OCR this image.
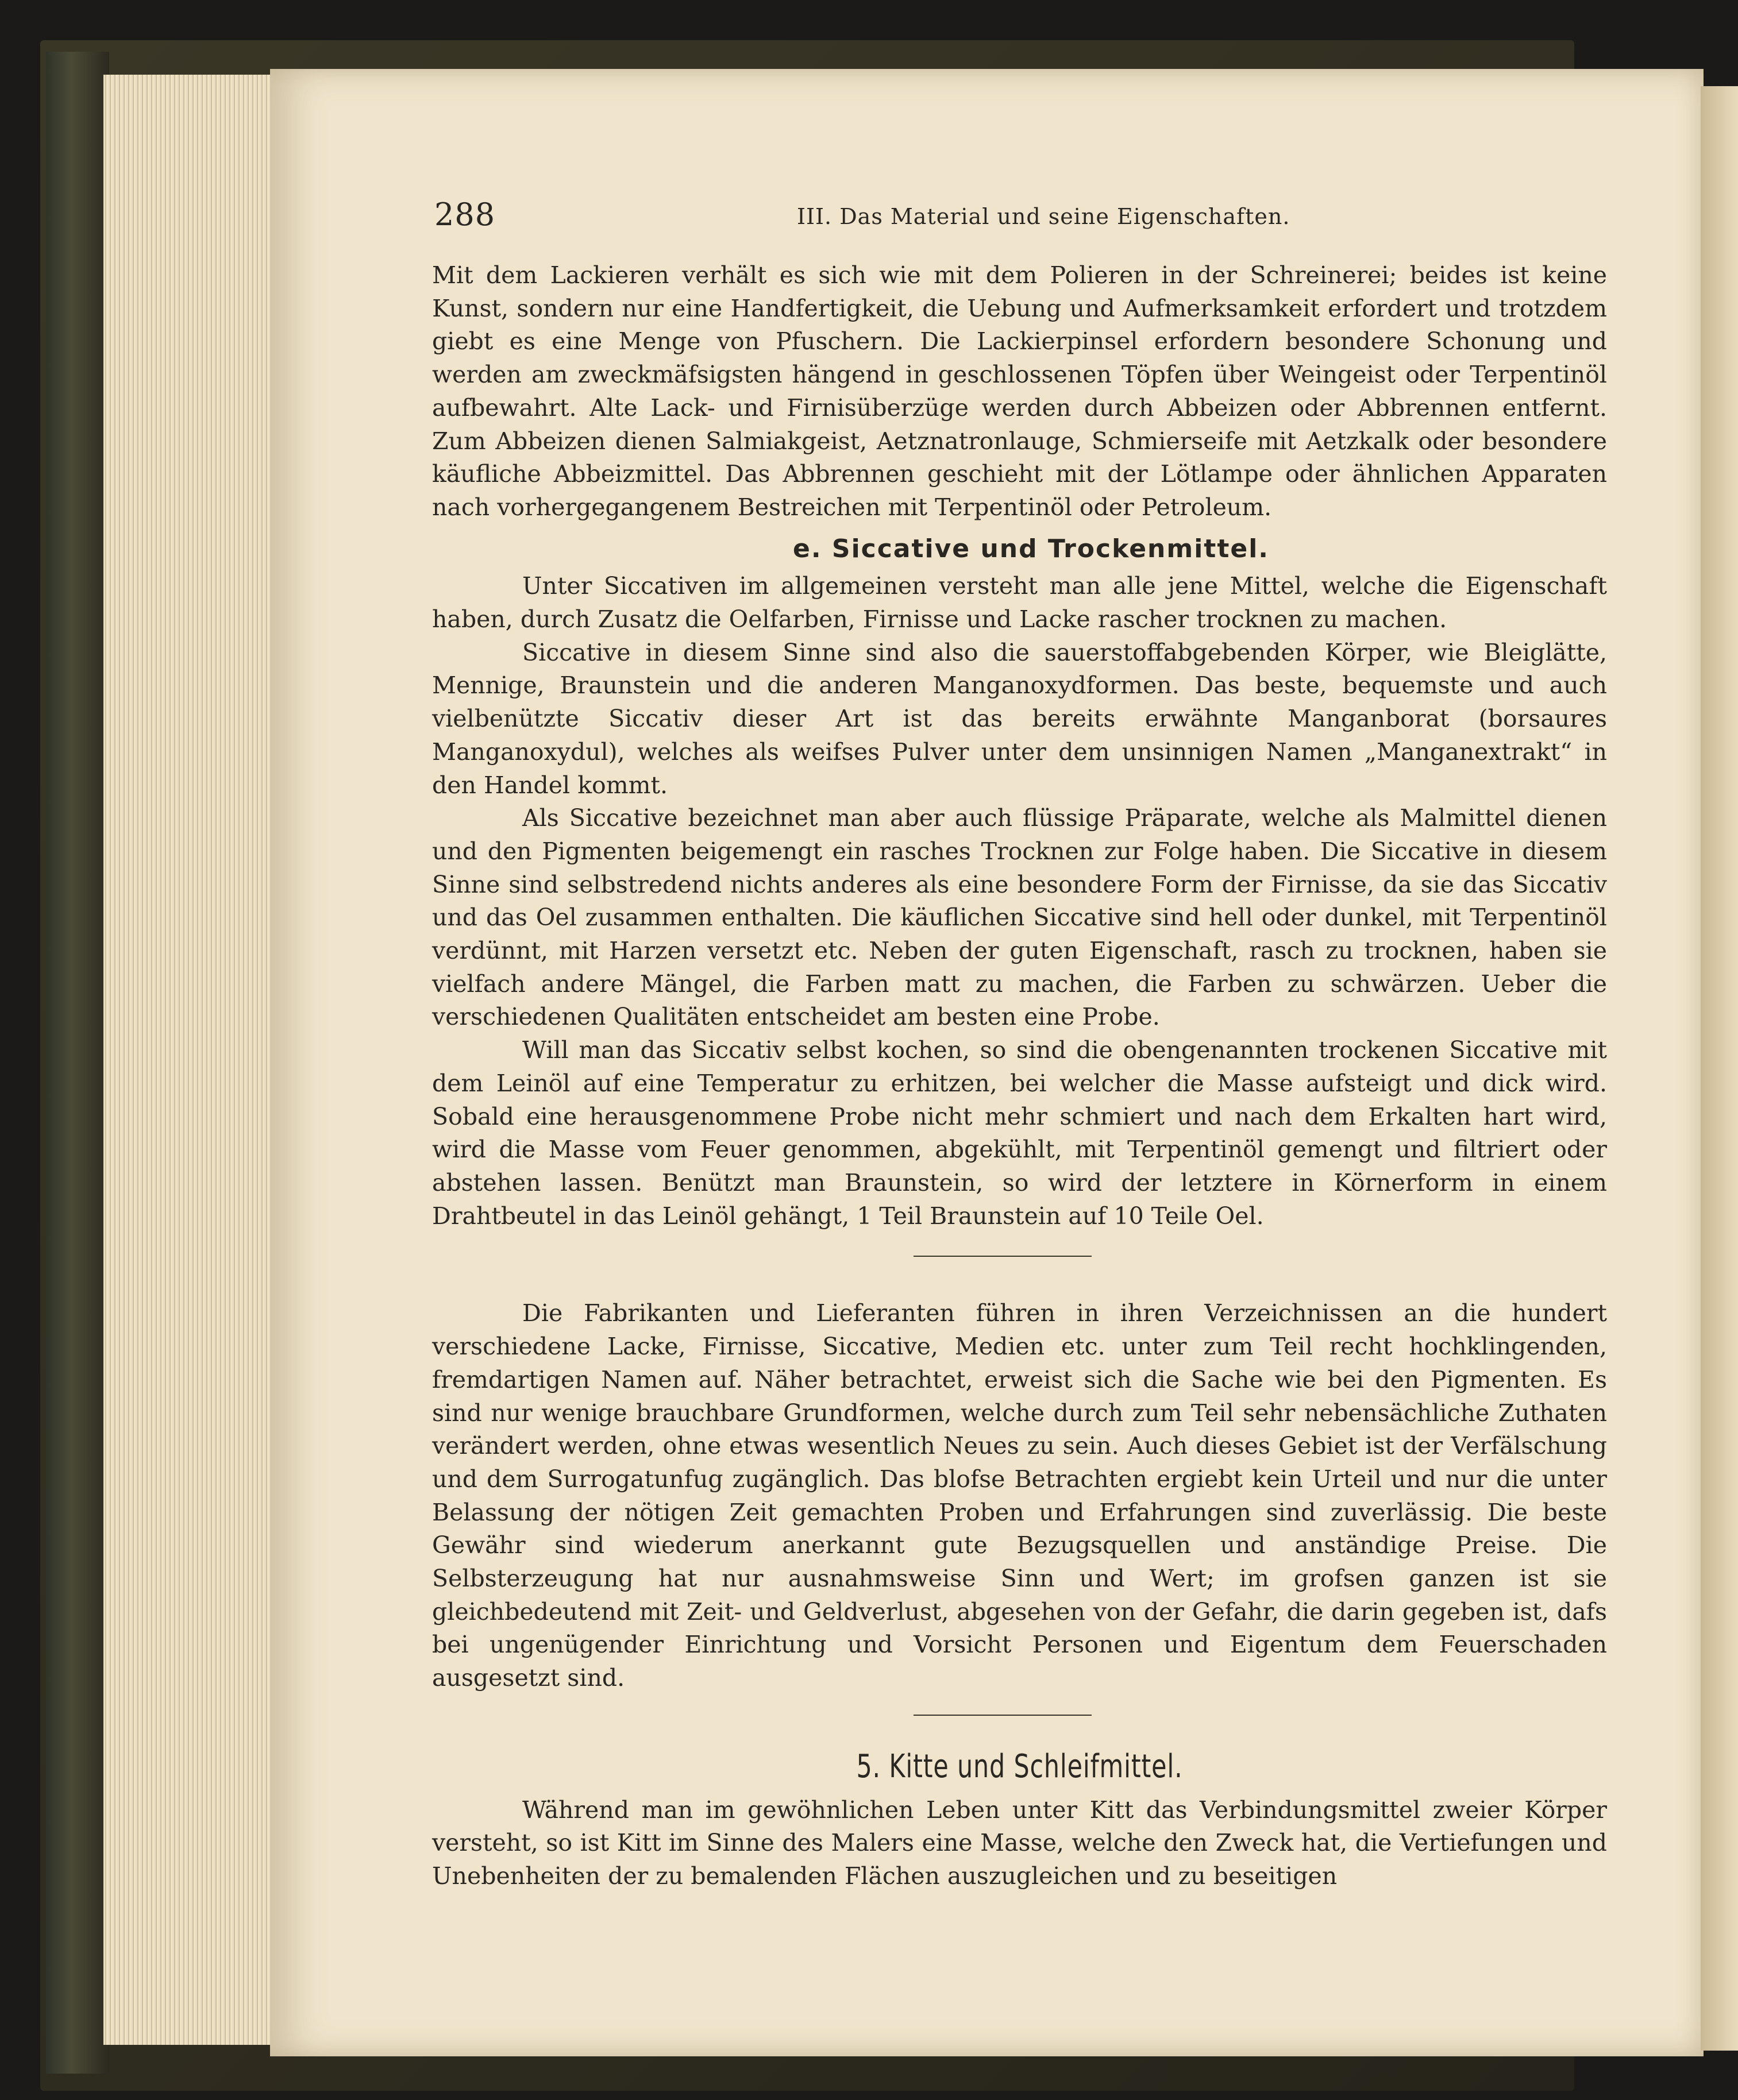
288	III. Das Material und seine Eigenschaften.

Mit dem Lackieren verhält es sich wie mit dem Polieren in der Schreinerei; beides ist keine Kunst, sondern nur eine Handfertigkeit, die Uebung und Aufmerksamkeit erfordert und trotzdem giebt es eine Menge von Pfuschern. Die Lackierpinsel erfordern besondere Schonung und werden am zweckmäfsigsten hängend in geschlossenen Töpfen über Weingeist oder Terpentinöl aufbewahrt. Alte Lack- und Firnisüberzüge werden durch Abbeizen oder Abbrennen entfernt. Zum Abbeizen dienen Salmiakgeist, Aetznatronlauge, Schmierseife mit Aetzkalk oder besondere käufliche Abbeizmittel. Das Abbrennen geschieht mit der Lötlampe oder ähnlichen Apparaten nach vorhergegangenem Bestreichen mit Terpentinöl oder Petroleum.

e. Siccative und Trockenmittel.

Unter Siccativen im allgemeinen versteht man alle jene Mittel, welche die Eigenschaft haben, durch Zusatz die Oelfarben, Firnisse und Lacke rascher trocknen zu machen.

Siccative in diesem Sinne sind also die sauerstoffabgebenden Körper, wie Bleiglätte, Mennige, Braunstein und die anderen Manganoxydformen. Das beste, bequemste und auch vielbenützte Siccativ dieser Art ist das bereits erwähnte Manganborat (borsaures Manganoxydul), welches als weifses Pulver unter dem unsinnigen Namen „Manganextrakt“ in den Handel kommt.

Als Siccative bezeichnet man aber auch flüssige Präparate, welche als Malmittel dienen und den Pigmenten beigemengt ein rasches Trocknen zur Folge haben. Die Siccative in diesem Sinne sind selbstredend nichts anderes als eine besondere Form der Firnisse, da sie das Siccativ und das Oel zusammen enthalten. Die käuflichen Siccative sind hell oder dunkel, mit Terpentinöl verdünnt, mit Harzen versetzt etc. Neben der guten Eigenschaft, rasch zu trocknen, haben sie vielfach andere Mängel, die Farben matt zu machen, die Farben zu schwärzen. Ueber die verschiedenen Qualitäten entscheidet am besten eine Probe.

Will man das Siccativ selbst kochen, so sind die obengenannten trockenen Siccative mit dem Leinöl auf eine Temperatur zu erhitzen, bei welcher die Masse aufsteigt und dick wird. Sobald eine herausgenommene Probe nicht mehr schmiert und nach dem Erkalten hart wird, wird die Masse vom Feuer genommen, abgekühlt, mit Terpentinöl gemengt und filtriert oder abstehen lassen. Benützt man Braunstein, so wird der letztere in Körnerform in einem Drahtbeutel in das Leinöl gehängt, 1 Teil Braunstein auf 10 Teile Oel.

Die Fabrikanten und Lieferanten führen in ihren Verzeichnissen an die hundert verschiedene Lacke, Firnisse, Siccative, Medien etc. unter zum Teil recht hochklingenden, fremdartigen Namen auf. Näher betrachtet, erweist sich die Sache wie bei den Pigmenten. Es sind nur wenige brauchbare Grundformen, welche durch zum Teil sehr nebensächliche Zuthaten verändert werden, ohne etwas wesentlich Neues zu sein. Auch dieses Gebiet ist der Verfälschung und dem Surrogatunfug zugänglich. Das blofse Betrachten ergiebt kein Urteil und nur die unter Belassung der nötigen Zeit gemachten Proben und Erfahrungen sind zuverlässig. Die beste Gewähr sind wiederum anerkannt gute Bezugsquellen und anständige Preise. Die Selbsterzeugung hat nur ausnahmsweise Sinn und Wert; im grofsen ganzen ist sie gleichbedeutend mit Zeit- und Geldverlust, abgesehen von der Gefahr, die darin gegeben ist, dafs bei ungenügender Einrichtung und Vorsicht Personen und Eigentum dem Feuerschaden ausgesetzt sind.

5. Kitte und Schleifmittel.

Während man im gewöhnlichen Leben unter Kitt das Verbindungsmittel zweier Körper versteht, so ist Kitt im Sinne des Malers eine Masse, welche den Zweck hat, die Vertiefungen und Unebenheiten der zu bemalenden Flächen auszugleichen und zu beseitigen
